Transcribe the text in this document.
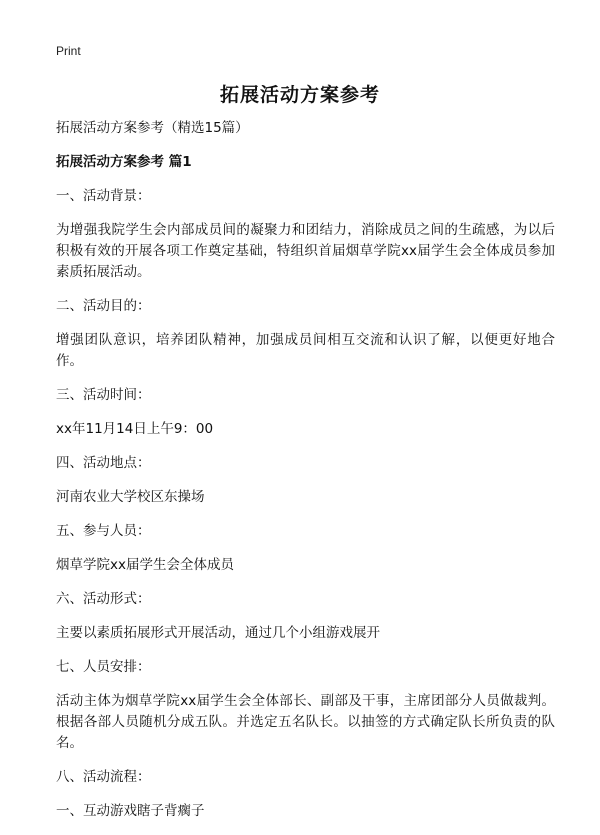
Print
拓展活动方案参考

拓展活动方案参考（精选15篇）

拓展活动方案参考 篇1

一、活动背景：

为增强我院学生会内部成员间的凝聚力和团结力，消除成员之间的生疏感，为以后积极有效的开展各项工作奠定基础，特组织首届烟草学院xx届学生会全体成员参加素质拓展活动。

二、活动目的：

增强团队意识，培养团队精神，加强成员间相互交流和认识了解，以便更好地合作。

三、活动时间：

xx年11月14日上午9：00

四、活动地点：

河南农业大学校区东操场

五、参与人员：

烟草学院xx届学生会全体成员

六、活动形式：

主要以素质拓展形式开展活动，通过几个小组游戏展开

七、人员安排：

活动主体为烟草学院xx届学生会全体部长、副部及干事，主席团部分人员做裁判。根据各部人员随机分成五队。并选定五名队长。以抽签的方式确定队长所负责的队名。

八、活动流程：

一、互动游戏瞎子背瘸子
